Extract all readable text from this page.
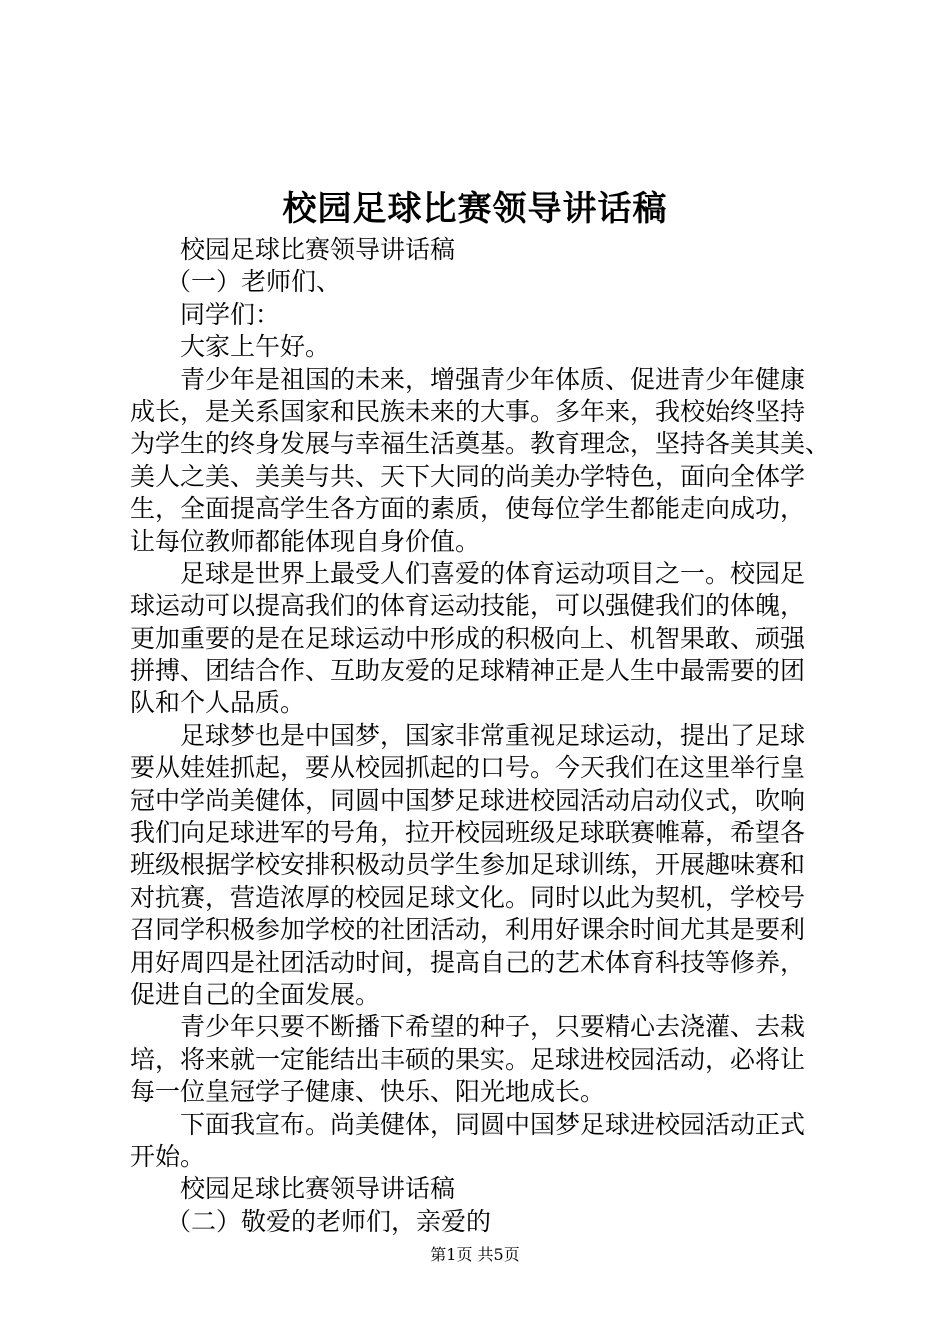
校园足球比赛领导讲话稿
校园足球比赛领导讲话稿
（一）老师们、
同学们：
大家上午好。
青少年是祖国的未来，增强青少年体质、促进青少年健康
成长，是关系国家和民族未来的大事。多年来，我校始终坚持
为学生的终身发展与幸福生活奠基。教育理念，坚持各美其美、
美人之美、美美与共、天下大同的尚美办学特色，面向全体学
生，全面提高学生各方面的素质，使每位学生都能走向成功，
让每位教师都能体现自身价值。
足球是世界上最受人们喜爱的体育运动项目之一。校园足
球运动可以提高我们的体育运动技能，可以强健我们的体魄，
更加重要的是在足球运动中形成的积极向上、机智果敢、顽强
拼搏、团结合作、互助友爱的足球精神正是人生中最需要的团
队和个人品质。
足球梦也是中国梦，国家非常重视足球运动，提出了足球
要从娃娃抓起，要从校园抓起的口号。今天我们在这里举行皇
冠中学尚美健体，同圆中国梦足球进校园活动启动仪式，吹响
我们向足球进军的号角，拉开校园班级足球联赛帷幕，希望各
班级根据学校安排积极动员学生参加足球训练，开展趣味赛和
对抗赛，营造浓厚的校园足球文化。同时以此为契机，学校号
召同学积极参加学校的社团活动，利用好课余时间尤其是要利
用好周四是社团活动时间，提高自己的艺术体育科技等修养，
促进自己的全面发展。
青少年只要不断播下希望的种子，只要精心去浇灌、去栽
培，将来就一定能结出丰硕的果实。足球进校园活动，必将让
每一位皇冠学子健康、快乐、阳光地成长。
下面我宣布。尚美健体，同圆中国梦足球进校园活动正式
开始。
校园足球比赛领导讲话稿
（二）敬爱的老师们，亲爱的
第1页 共5页
